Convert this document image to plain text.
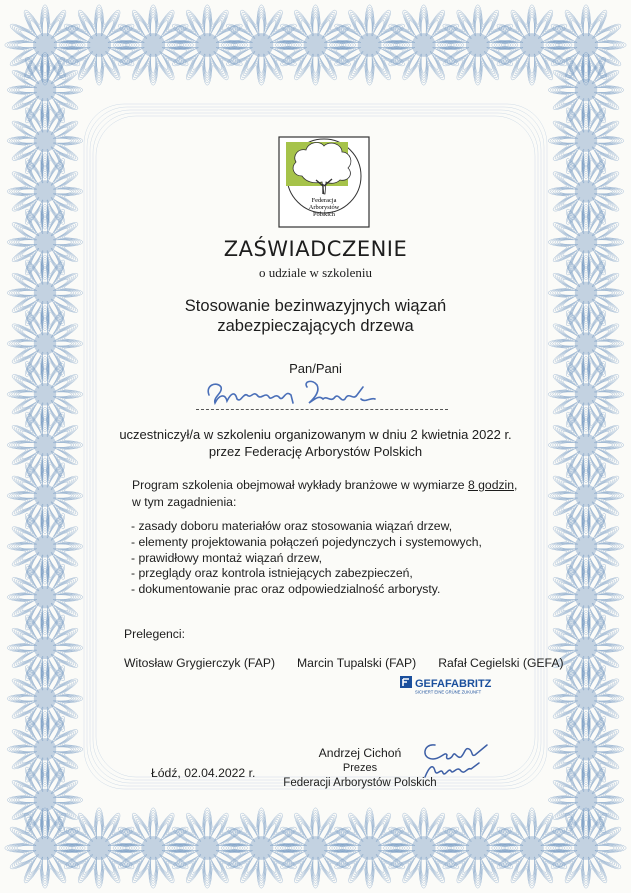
Federacja
Arborystów
Polskich
ZAŚWIADCZENIE
o udziale w szkoleniu
Stosowanie bezinwazyjnych wiązań
zabezpieczających drzewa
Pan/Pani
uczestniczył/a w szkoleniu organizowanym w dniu 2 kwietnia 2022 r.
przez Federację Arborystów Polskich
Program szkolenia obejmował wykłady branżowe w wymiarze 8 godzin,
w tym zagadnienia:
- zasady doboru materiałów oraz stosowania wiązań drzew,
- elementy projektowania połączeń pojedynczych i systemowych,
- prawidłowy montaż wiązań drzew,
- przeglądy oraz kontrola istniejących zabezpieczeń,
- dokumentowanie prac oraz odpowiedzialność arborysty.
Prelegenci:
Witosław Grygierczyk (FAP) Marcin Tupalski (FAP) Rafał Cegielski (GEFA)
GEFAFABRITZ
SICHERT EINE GRÜNE ZUKUNFT
Łódź, 02.04.2022 r.
Andrzej Cichoń
Prezes
Federacji Arborystów Polskich
